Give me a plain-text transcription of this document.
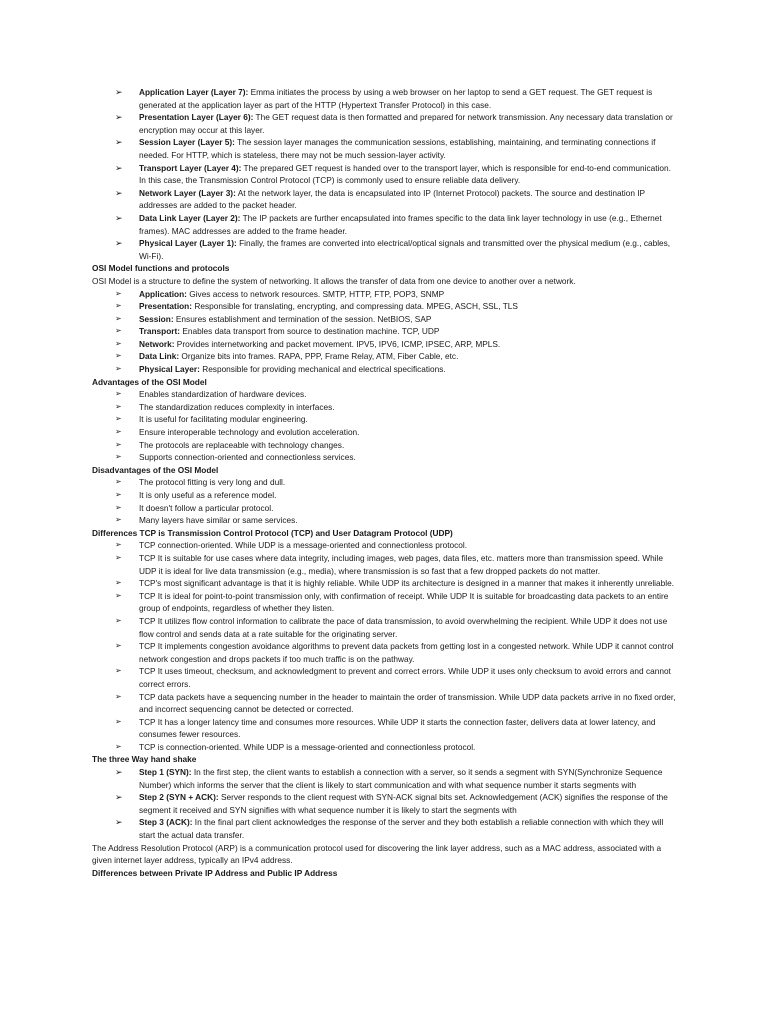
➢ Application Layer (Layer 7): Emma initiates the process by using a web browser on her laptop to send a GET request. The GET request is generated at the application layer as part of the HTTP (Hypertext Transfer Protocol) in this case.
➢ Presentation Layer (Layer 6): The GET request data is then formatted and prepared for network transmission. Any necessary data translation or encryption may occur at this layer.
➢ Session Layer (Layer 5): The session layer manages the communication sessions, establishing, maintaining, and terminating connections if needed. For HTTP, which is stateless, there may not be much session-layer activity.
➢ Transport Layer (Layer 4): The prepared GET request is handed over to the transport layer, which is responsible for end-to-end communication. In this case, the Transmission Control Protocol (TCP) is commonly used to ensure reliable data delivery.
➢ Network Layer (Layer 3): At the network layer, the data is encapsulated into IP (Internet Protocol) packets. The source and destination IP addresses are added to the packet header.
➢ Data Link Layer (Layer 2): The IP packets are further encapsulated into frames specific to the data link layer technology in use (e.g., Ethernet frames). MAC addresses are added to the frame header.
➢ Physical Layer (Layer 1): Finally, the frames are converted into electrical/optical signals and transmitted over the physical medium (e.g., cables, Wi-Fi).

OSI Model functions and protocols

OSI Model is a structure to define the system of networking. It allows the transfer of data from one device to another over a network.

➢ Application: Gives access to network resources. SMTP, HTTP, FTP, POP3, SNMP
➢ Presentation: Responsible for translating, encrypting, and compressing data. MPEG, ASCH, SSL, TLS
➢ Session: Ensures establishment and termination of the session. NetBIOS, SAP
➢ Transport: Enables data transport from source to destination machine. TCP, UDP
➢ Network: Provides internetworking and packet movement. IPV5, IPV6, ICMP, IPSEC, ARP, MPLS.
➢ Data Link: Organize bits into frames. RAPA, PPP, Frame Relay, ATM, Fiber Cable, etc.
➢ Physical Layer: Responsible for providing mechanical and electrical specifications.

Advantages of the OSI Model

➢ Enables standardization of hardware devices.
➢ The standardization reduces complexity in interfaces.
➢ It is useful for facilitating modular engineering.
➢ Ensure interoperable technology and evolution acceleration.
➢ The protocols are replaceable with technology changes.
➢ Supports connection-oriented and connectionless services.

Disadvantages of the OSI Model

➢ The protocol fitting is very long and dull.
➢ It is only useful as a reference model.
➢ It doesn't follow a particular protocol.
➢ Many layers have similar or same services.

Differences TCP is Transmission Control Protocol (TCP) and User Datagram Protocol (UDP)

➢ TCP connection-oriented. While UDP is a message-oriented and connectionless protocol.
➢ TCP It is suitable for use cases where data integrity, including images, web pages, data files, etc. matters more than transmission speed. While UDP it is ideal for live data transmission (e.g., media), where transmission is so fast that a few dropped packets do not matter.
➢ TCP's most significant advantage is that it is highly reliable. While UDP its architecture is designed in a manner that makes it inherently unreliable.
➢ TCP It is ideal for point-to-point transmission only, with confirmation of receipt. While UDP It is suitable for broadcasting data packets to an entire group of endpoints, regardless of whether they listen.
➢ TCP It utilizes flow control information to calibrate the pace of data transmission, to avoid overwhelming the recipient. While UDP it does not use flow control and sends data at a rate suitable for the originating server.
➢ TCP It implements congestion avoidance algorithms to prevent data packets from getting lost in a congested network. While UDP it cannot control network congestion and drops packets if too much traffic is on the pathway.
➢ TCP It uses timeout, checksum, and acknowledgment to prevent and correct errors. While UDP it uses only checksum to avoid errors and cannot correct errors.
➢ TCP data packets have a sequencing number in the header to maintain the order of transmission. While UDP data packets arrive in no fixed order, and incorrect sequencing cannot be detected or corrected.
➢ TCP It has a longer latency time and consumes more resources. While UDP it starts the connection faster, delivers data at lower latency, and consumes fewer resources.
➢ TCP is connection-oriented. While UDP is a message-oriented and connectionless protocol.

The three Way hand shake

➢ Step 1 (SYN): In the first step, the client wants to establish a connection with a server, so it sends a segment with SYN(Synchronize Sequence Number) which informs the server that the client is likely to start communication and with what sequence number it starts segments with
➢ Step 2 (SYN + ACK): Server responds to the client request with SYN-ACK signal bits set. Acknowledgement (ACK) signifies the response of the segment it received and SYN signifies with what sequence number it is likely to start the segments with
➢ Step 3 (ACK): In the final part client acknowledges the response of the server and they both establish a reliable connection with which they will start the actual data transfer.

The Address Resolution Protocol (ARP) is a communication protocol used for discovering the link layer address, such as a MAC address, associated with a given internet layer address, typically an IPv4 address.

Differences between Private IP Address and Public IP Address
